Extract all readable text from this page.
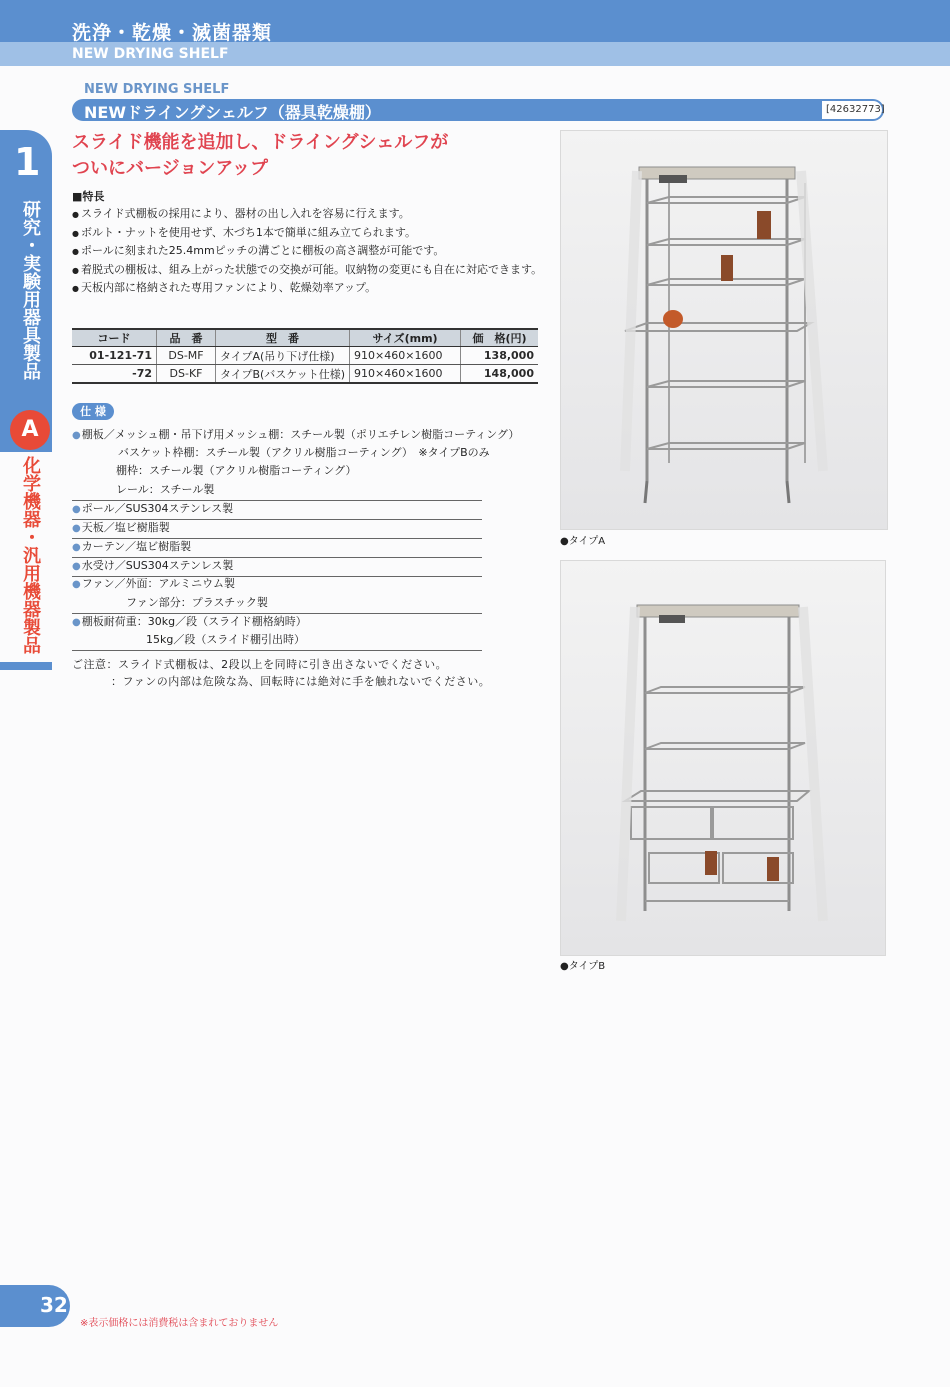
洗浄・乾燥・滅菌器類
NEW DRYING SHELF
1
研究・実験用器具製品
A
化学機器・汎用機器製品
NEW DRYING SHELF
NEWドライングシェルフ（器具乾燥棚）	[42632773]
スライド機能を追加し、ドライングシェルフが
ついにバージョンアップ
■特長
● スライド式棚板の採用により、器材の出し入れを容易に行えます。
● ボルト・ナットを使用せず、木づち1本で簡単に組み立てられます。
● ポールに刻まれた25.4mmピッチの溝ごとに棚板の高さ調整が可能です。
● 着脱式の棚板は、組み上がった状態での交換が可能。収納物の変更にも自在に対応できます。
● 天板内部に格納された専用ファンにより、乾燥効率アップ。
コード	品　番	型　番	サイズ(mm)	価　格(円)
01-121-71	DS-MF	タイプA(吊り下げ仕様)	910×460×1600	138,000
-72	DS-KF	タイプB(バスケット仕様)	910×460×1600	148,000
仕 様
●棚板／メッシュ棚・吊下げ用メッシュ棚：スチール製（ポリエチレン樹脂コーティング）
バスケット枠棚：スチール製（アクリル樹脂コーティング）　※タイプBのみ
棚枠：スチール製（アクリル樹脂コーティング）
レール：スチール製
●ポール／SUS304ステンレス製
●天板／塩ビ樹脂製
●カーテン／塩ビ樹脂製
●水受け／SUS304ステンレス製
●ファン／外面：アルミニウム製
ファン部分：プラスチック製
●棚板耐荷重：30kg／段（スライド棚格納時）
15kg／段（スライド棚引出時）
ご注意：スライド式棚板は、2段以上を同時に引き出さないでください。
：ファンの内部は危険な為、回転時には絶対に手を触れないでください。
●タイプA
●タイプB
32
※表示価格には消費税は含まれておりません
